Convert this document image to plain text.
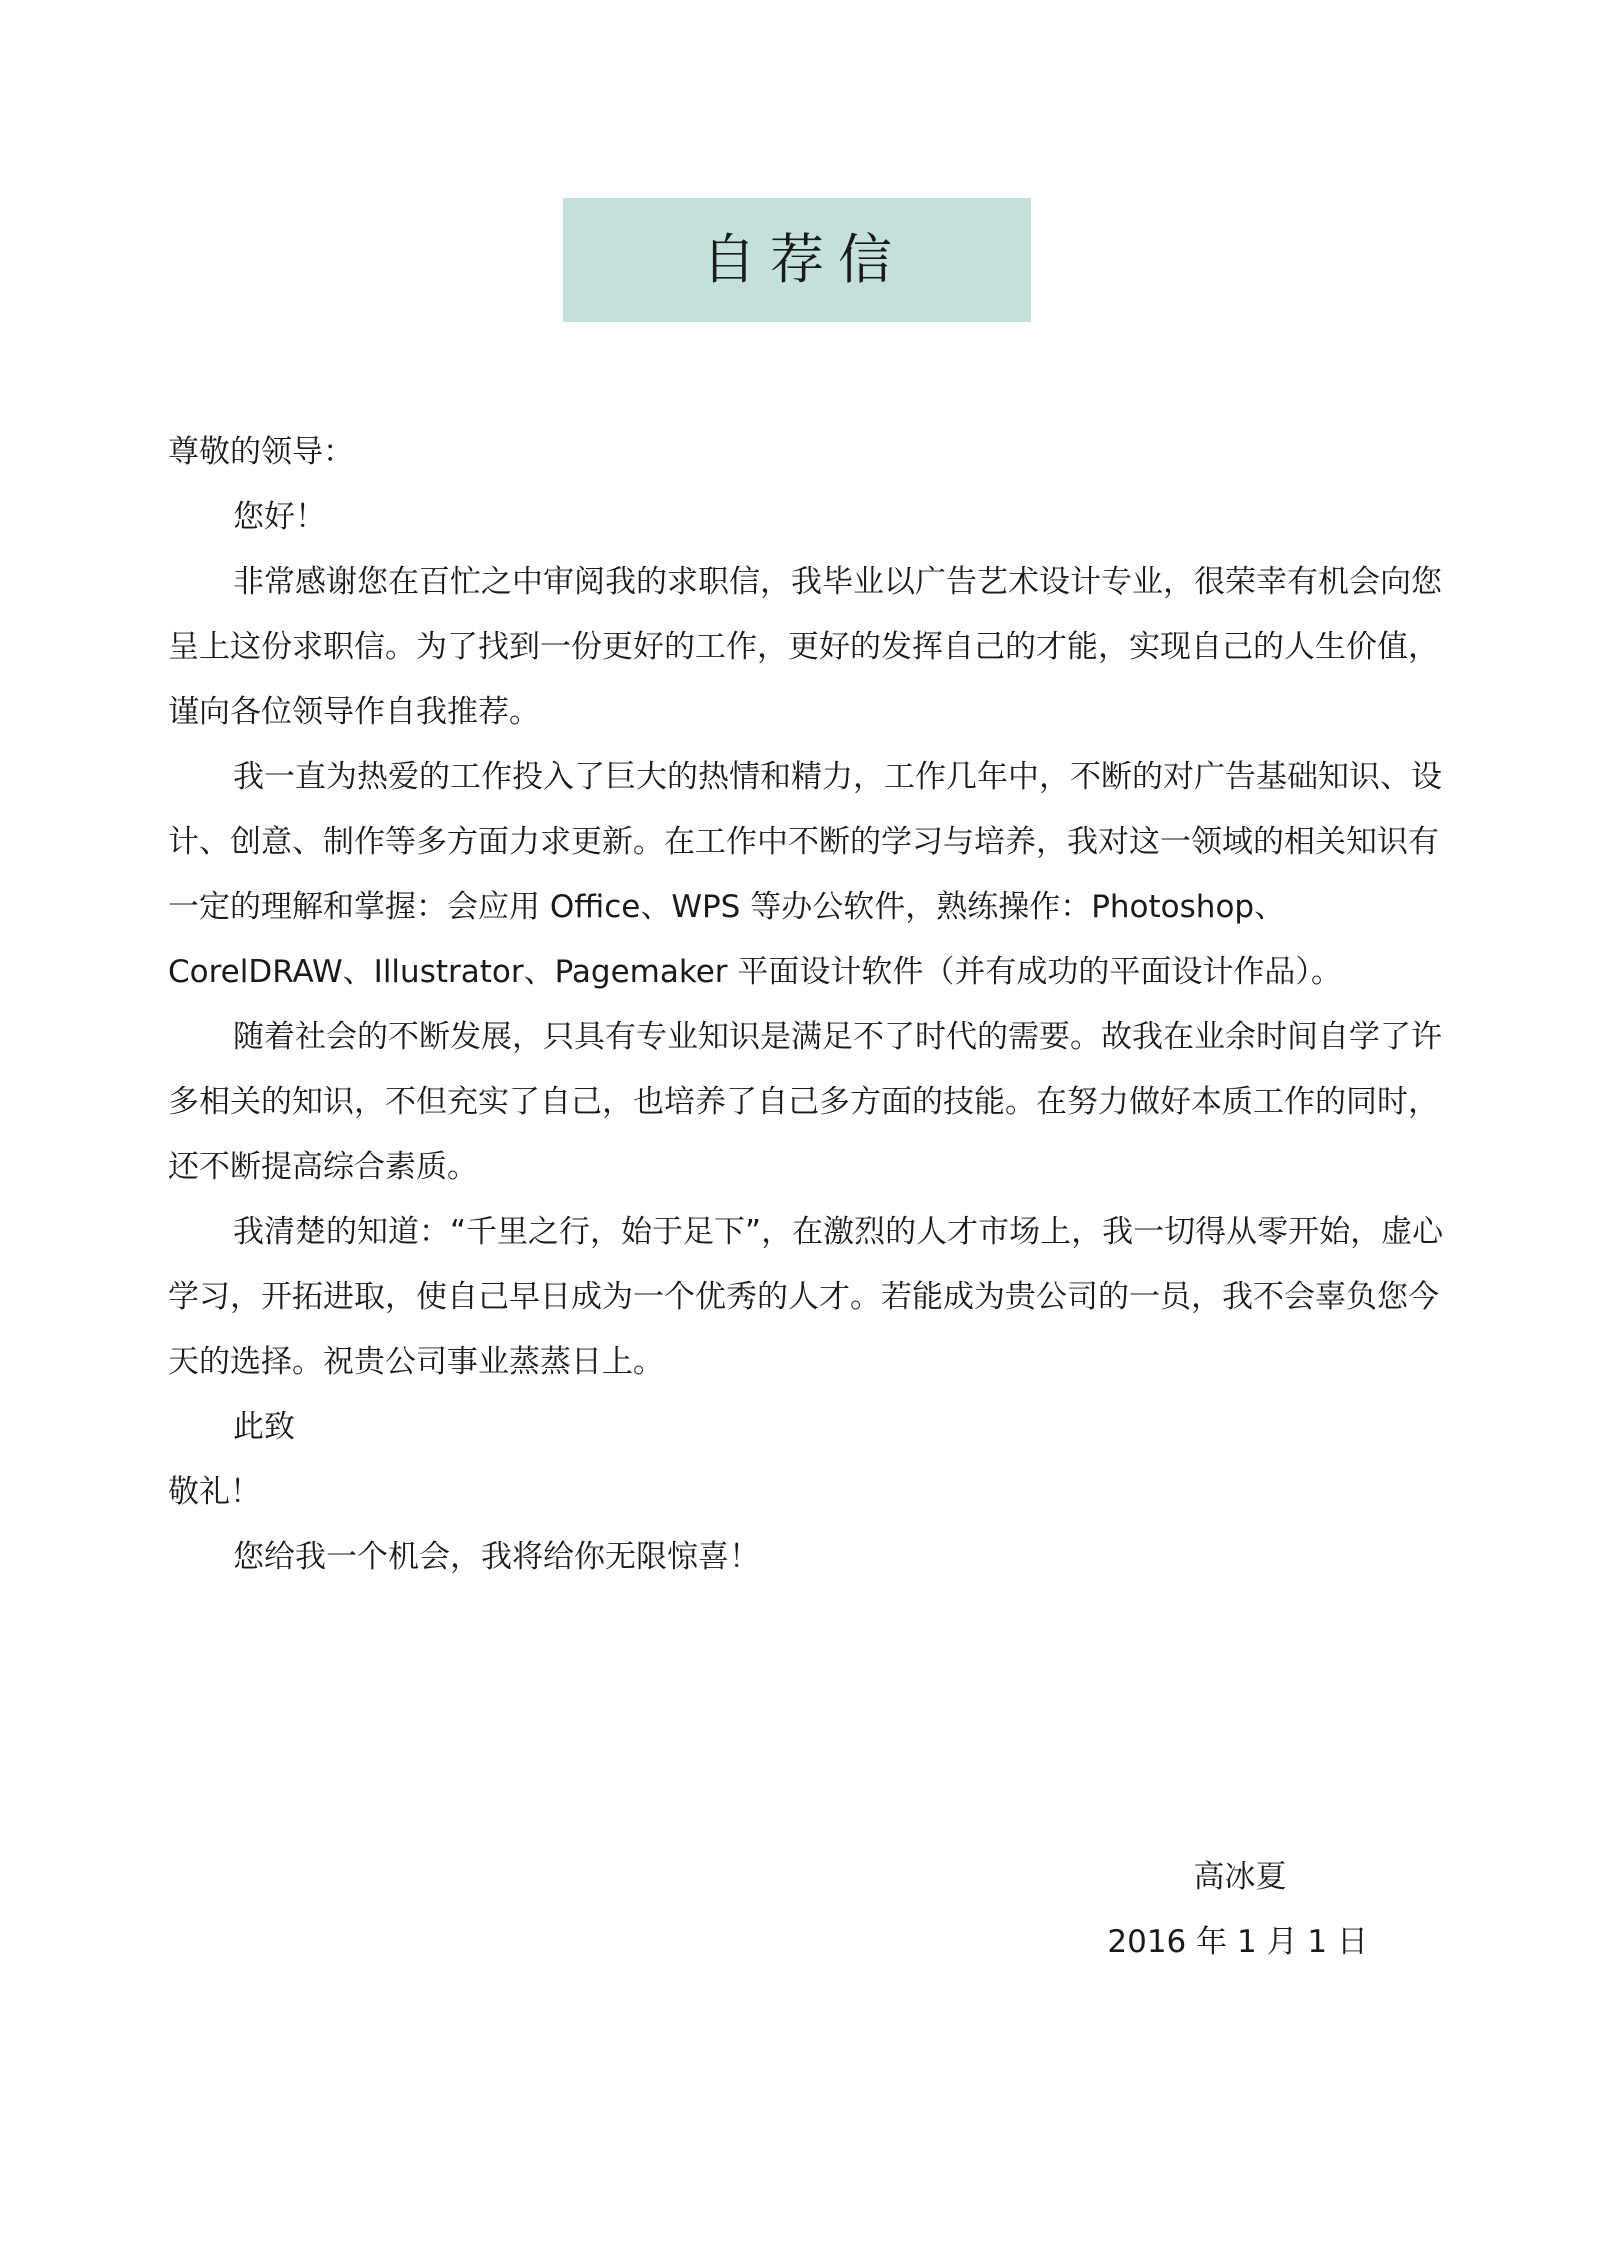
自荐信

尊敬的领导：

您好！

非常感谢您在百忙之中审阅我的求职信，我毕业以广告艺术设计专业，很荣幸有机会向您呈上这份求职信。为了找到一份更好的工作，更好的发挥自己的才能，实现自己的人生价值，谨向各位领导作自我推荐。

我一直为热爱的工作投入了巨大的热情和精力，工作几年中，不断的对广告基础知识、设计、创意、制作等多方面力求更新。在工作中不断的学习与培养，我对这一领域的相关知识有一定的理解和掌握：会应用 Office、WPS 等办公软件，熟练操作：Photoshop、CorelDRAW、Illustrator、Pagemaker 平面设计软件（并有成功的平面设计作品）。

随着社会的不断发展，只具有专业知识是满足不了时代的需要。故我在业余时间自学了许多相关的知识，不但充实了自己，也培养了自己多方面的技能。在努力做好本质工作的同时，还不断提高综合素质。

我清楚的知道：“千里之行，始于足下”，在激烈的人才市场上，我一切得从零开始，虚心学习，开拓进取，使自己早日成为一个优秀的人才。若能成为贵公司的一员，我不会辜负您今天的选择。祝贵公司事业蒸蒸日上。

此致

敬礼！

您给我一个机会，我将给你无限惊喜！

高冰夏

2016 年 1 月 1 日
